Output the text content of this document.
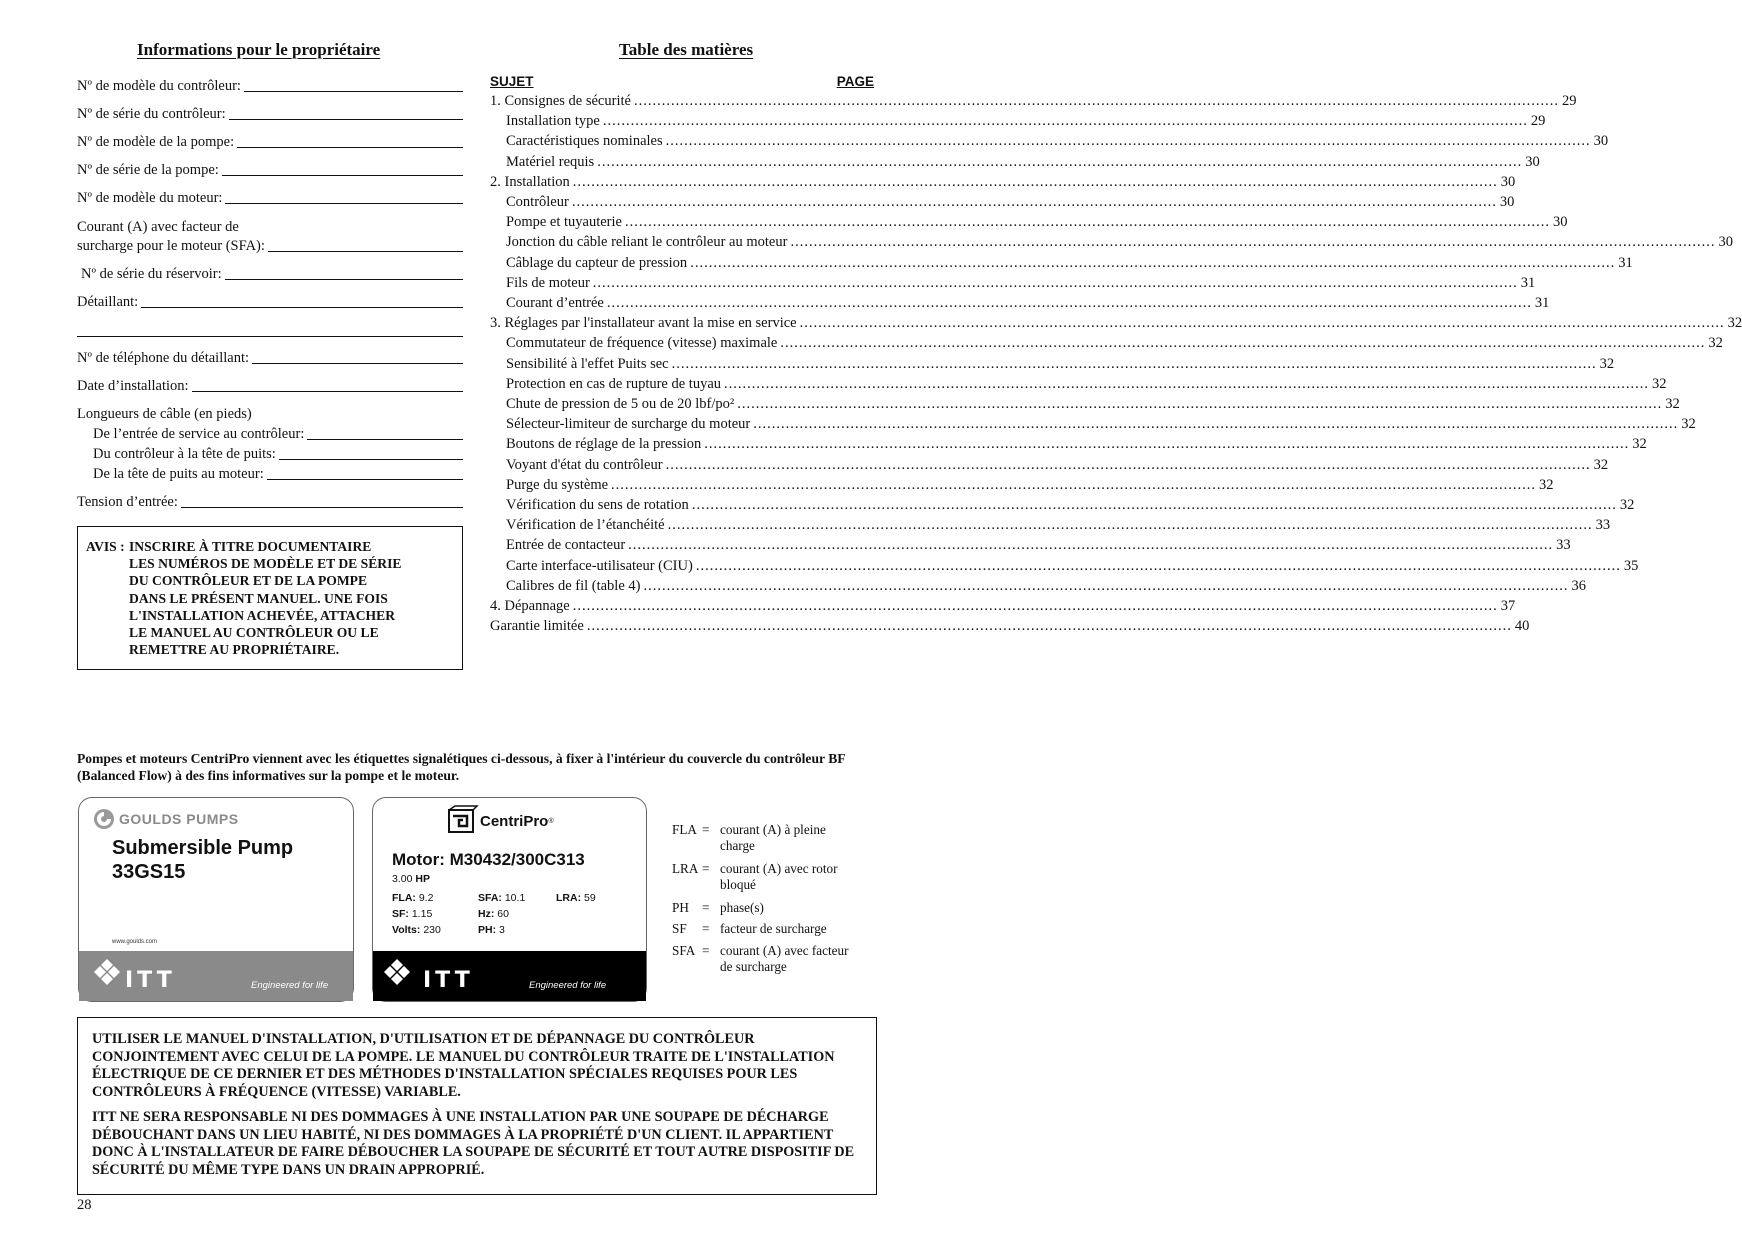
Informations pour le propriétaire
Nº de modèle du contrôleur :
Nº de série du contrôleur :
Nº de modèle de la pompe :
Nº de série de la pompe :
Nº de modèle du moteur :
Courant (A) avec facteur de
surcharge pour le moteur (SFA) :
Nº de série du réservoir :
Détaillant :
Nº de téléphone du détaillant :
Date d’installation :
Longueurs de câble (en pieds)
De l’entrée de service au contrôleur :
Du contrôleur à la tête de puits :
De la tête de puits au moteur :
Tension d’entrée :
AVIS : INSCRIRE À TITRE DOCUMENTAIRE
LES NUMÉROS DE MODÈLE ET DE SÉRIE
DU CONTRÔLEUR ET DE LA POMPE
DANS LE PRÉSENT MANUEL. UNE FOIS
L'INSTALLATION ACHEVÉE, ATTACHER
LE MANUEL AU CONTRÔLEUR OU LE
REMETTRE AU PROPRIÉTAIRE.
Table des matières
SUJET	PAGE
1. Consignes de sécurité ........................................................................................................................................................................................................ 29
Installation type ........................................................................................................................................................................................................ 29
Caractéristiques nominales ........................................................................................................................................................................................................ 30
Matériel requis ........................................................................................................................................................................................................ 30
2. Installation ........................................................................................................................................................................................................ 30
Contrôleur ........................................................................................................................................................................................................ 30
Pompe et tuyauterie ........................................................................................................................................................................................................ 30
Jonction du câble reliant le contrôleur au moteur ........................................................................................................................................................................................................ 30
Câblage du capteur de pression ........................................................................................................................................................................................................ 31
Fils de moteur ........................................................................................................................................................................................................ 31
Courant d’entrée ........................................................................................................................................................................................................ 31
3. Réglages par l'installateur avant la mise en service ........................................................................................................................................................................................................ 32
Commutateur de fréquence (vitesse) maximale ........................................................................................................................................................................................................ 32
Sensibilité à l'effet Puits sec ........................................................................................................................................................................................................ 32
Protection en cas de rupture de tuyau ........................................................................................................................................................................................................ 32
Chute de pression de 5 ou de 20 lbf/po² ........................................................................................................................................................................................................ 32
Sélecteur-limiteur de surcharge du moteur ........................................................................................................................................................................................................ 32
Boutons de réglage de la pression ........................................................................................................................................................................................................ 32
Voyant d'état du contrôleur ........................................................................................................................................................................................................ 32
Purge du système ........................................................................................................................................................................................................ 32
Vérification du sens de rotation ........................................................................................................................................................................................................ 32
Vérification de l’étanchéité ........................................................................................................................................................................................................ 33
Entrée de contacteur ........................................................................................................................................................................................................ 33
Carte interface-utilisateur (CIU) ........................................................................................................................................................................................................ 35
Calibres de fil (table 4) ........................................................................................................................................................................................................ 36
4. Dépannage ........................................................................................................................................................................................................ 37
Garantie limitée ........................................................................................................................................................................................................ 40
Pompes et moteurs CentriPro viennent avec les étiquettes signalétiques ci-dessous, à fixer à l'intérieur du couvercle du contrôleur BF (Balanced Flow) à des fins informatives sur la pompe et le moteur.
GOULDS PUMPS
Submersible Pump
33GS15
www.goulds.com
ITT	Engineered for life
CentriPro ®
Motor: M30432/300C313
3.00 HP
FLA: 9.2	SFA: 10.1	LRA: 59
SF: 1.15	Hz: 60
Volts: 230	PH: 3
ITT	Engineered for life
FLA = courant (A) à pleine charge
LRA = courant (A) avec rotor bloqué
PH = phase(s)
SF	= facteur de surcharge
SFA = courant (A) avec facteur de surcharge

UTILISER LE MANUEL D'INSTALLATION, D'UTILISATION ET DE DÉPANNAGE DU CONTRÔLEUR CONJOINTEMENT AVEC CELUI DE LA POMPE. LE MANUEL DU CONTRÔLEUR TRAITE DE L'INSTALLATION ÉLECTRIQUE DE CE DERNIER ET DES MÉTHODES D'INSTALLATION SPÉCIALES REQUISES POUR LES CONTRÔLEURS À FRÉQUENCE (VITESSE) VARIABLE.

ITT NE SERA RESPONSABLE NI DES DOMMAGES À UNE INSTALLATION PAR UNE SOUPAPE DE DÉCHARGE DÉBOUCHANT DANS UN LIEU HABITÉ, NI DES DOMMAGES À LA PROPRIÉTÉ D'UN CLIENT. IL APPARTIENT DONC À L'INSTALLATEUR DE FAIRE DÉBOUCHER LA SOUPAPE DE SÉCURITÉ ET TOUT AUTRE DISPOSITIF DE SÉCURITÉ DU MÊME TYPE DANS UN DRAIN APPROPRIÉ.

28
